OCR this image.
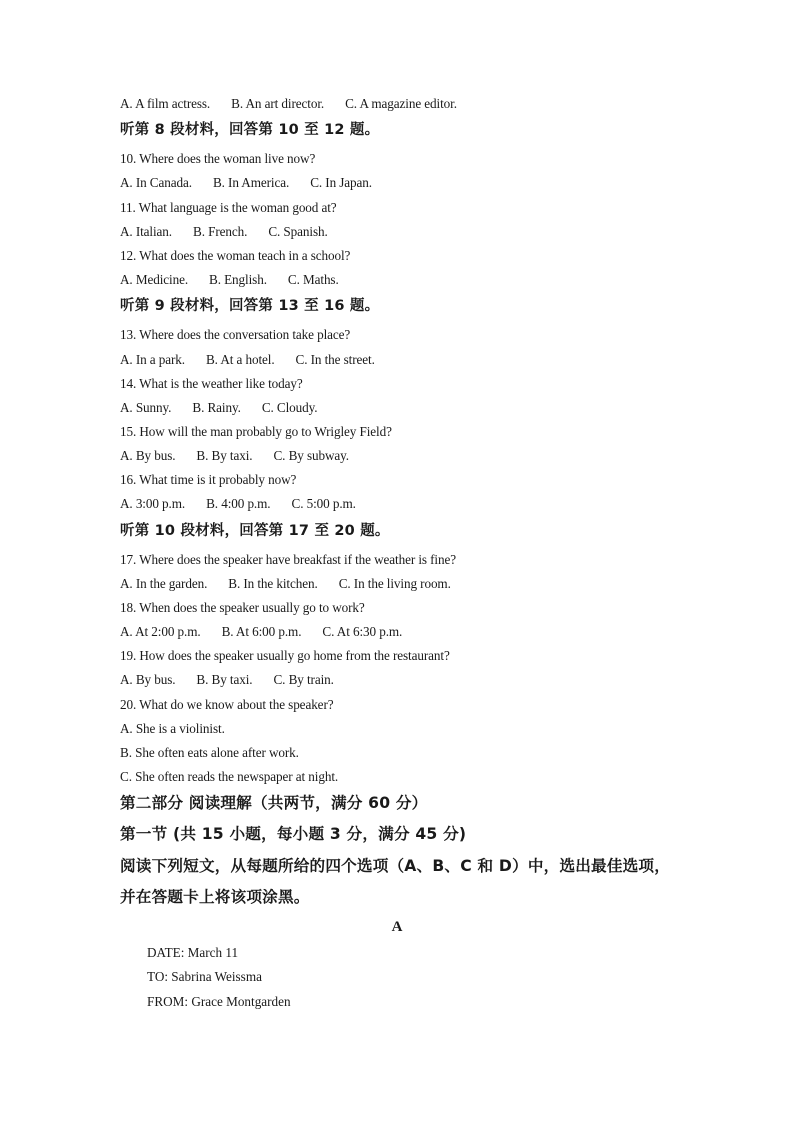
A. A film actress. B. An art director. C. A magazine editor.
听第 8 段材料，回答第 10 至 12 题。
10. Where does the woman live now?
A. In Canada. B. In America. C. In Japan.
11. What language is the woman good at?
A. Italian. B. French. C. Spanish.
12. What does the woman teach in a school?
A. Medicine. B. English. C. Maths.
听第 9 段材料，回答第 13 至 16 题。
13. Where does the conversation take place?
A. In a park. B. At a hotel. C. In the street.
14. What is the weather like today?
A. Sunny. B. Rainy. C. Cloudy.
15. How will the man probably go to Wrigley Field?
A. By bus. B. By taxi. C. By subway.
16. What time is it probably now?
A. 3:00 p.m. B. 4:00 p.m. C. 5:00 p.m.
听第 10 段材料，回答第 17 至 20 题。
17. Where does the speaker have breakfast if the weather is fine?
A. In the garden. B. In the kitchen. C. In the living room.
18. When does the speaker usually go to work?
A. At 2:00 p.m. B. At 6:00 p.m. C. At 6:30 p.m.
19. How does the speaker usually go home from the restaurant?
A. By bus. B. By taxi. C. By train.
20. What do we know about the speaker?
A. She is a violinist.
B. She often eats alone after work.
C. She often reads the newspaper at night.
第二部分 阅读理解（共两节，满分 60 分）
第一节 (共 15 小题，每小题 3 分，满分 45 分)
阅读下列短文，从每题所给的四个选项（A、B、C 和 D）中，选出最佳选项，
并在答题卡上将该项涂黑。
A
DATE: March 11
TO: Sabrina Weissma
FROM: Grace Montgarden
